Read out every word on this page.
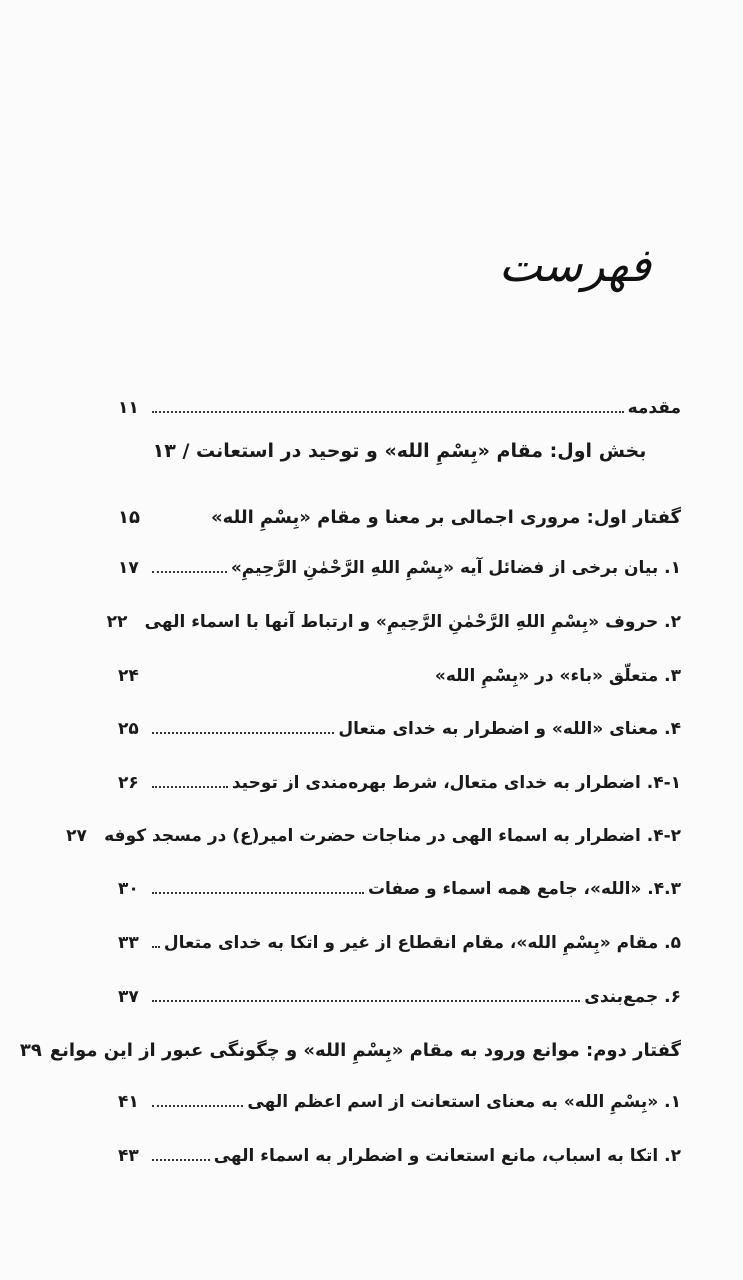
فهرست
مقدمه
۱۱
بخش اول: مقام «بِسْمِ الله» و توحید در استعانت / ۱۳
گفتار اول: مروری اجمالی بر معنا و مقام «بِسْمِ الله»
۱۵
۱. بیان برخی از فضائل آیه «بِسْمِ اللهِ الرَّحْمٰنِ الرَّحِيمِ»
۱۷
۲. حروف «بِسْمِ اللهِ الرَّحْمٰنِ الرَّحِيمِ» و ارتباط آنها با اسماء الهی
۲۲
۳. متعلّق «باء» در «بِسْمِ الله»
۲۴
۴. معنای «الله» و اضطرار به خدای متعال
۲۵
۴-۱. اضطرار به خدای متعال، شرط بهره‌مندی از توحید
۲۶
۴-۲. اضطرار به اسماء الهی در مناجات حضرت امیر(ع) در مسجد کوفه
۲۷
۴.۳. «الله»، جامع همه اسماء و صفات
۳۰
۵. مقام «بِسْمِ الله»، مقام انقطاع از غیر و اتکا به خدای متعال
۳۳
۶. جمع‌بندی
۳۷
گفتار دوم: موانع ورود به مقام «بِسْمِ الله» و چگونگی عبور از این موانع
۳۹
۱. «بِسْمِ الله» به معنای استعانت از اسم اعظم الهی
۴۱
۲. اتکا به اسباب، مانع استعانت و اضطرار به اسماء الهی
۴۳
